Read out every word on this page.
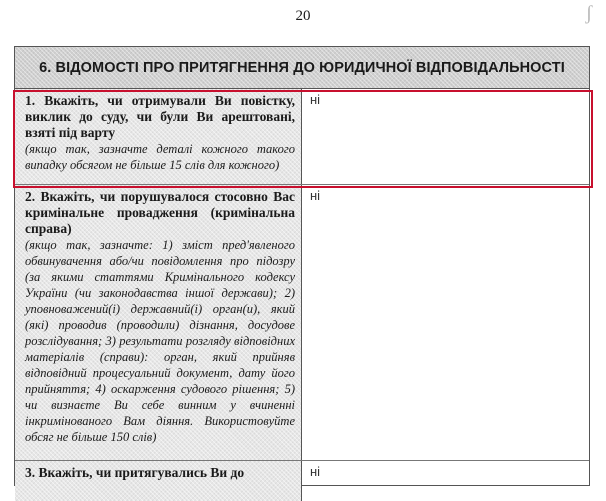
20	ʃ
6. ВІДОМОСТІ ПРО ПРИТЯГНЕННЯ ДО ЮРИДИЧНОЇ ВІДПОВІДАЛЬНОСТІ

1. Вкажіть, чи отримували Ви повістку, виклик до суду, чи були Ви арештовані, взяті під варту

(якщо так, зазначте деталі кожного такого випадку обсягом не більше 15 слів для кожного)

ні

2. Вкажіть, чи порушувалося стосовно Вас кримінальне провадження (кримінальна справа)

(якщо так, зазначте: 1) зміст пред'явленого обвинувачення або/чи повідомлення про підозру (за якими статтями Кримінального кодексу України (чи законодавства іншої держави); 2) уповноважений(і) державний(і) орган(и), який (які) проводив (проводили) дізнання, досудове розслідування; 3) результати розгляду відповідних матеріалів (справи): орган, який прийняв відповідний процесуальний документ, дату його прийняття; 4) оскарження судового рішення; 5) чи визнаєте Ви себе винним у вчиненні інкримінованого Вам діяння. Використовуйте обсяг не більше 150 слів)

ні

3. Вкажіть, чи притягувались Ви до	ні
